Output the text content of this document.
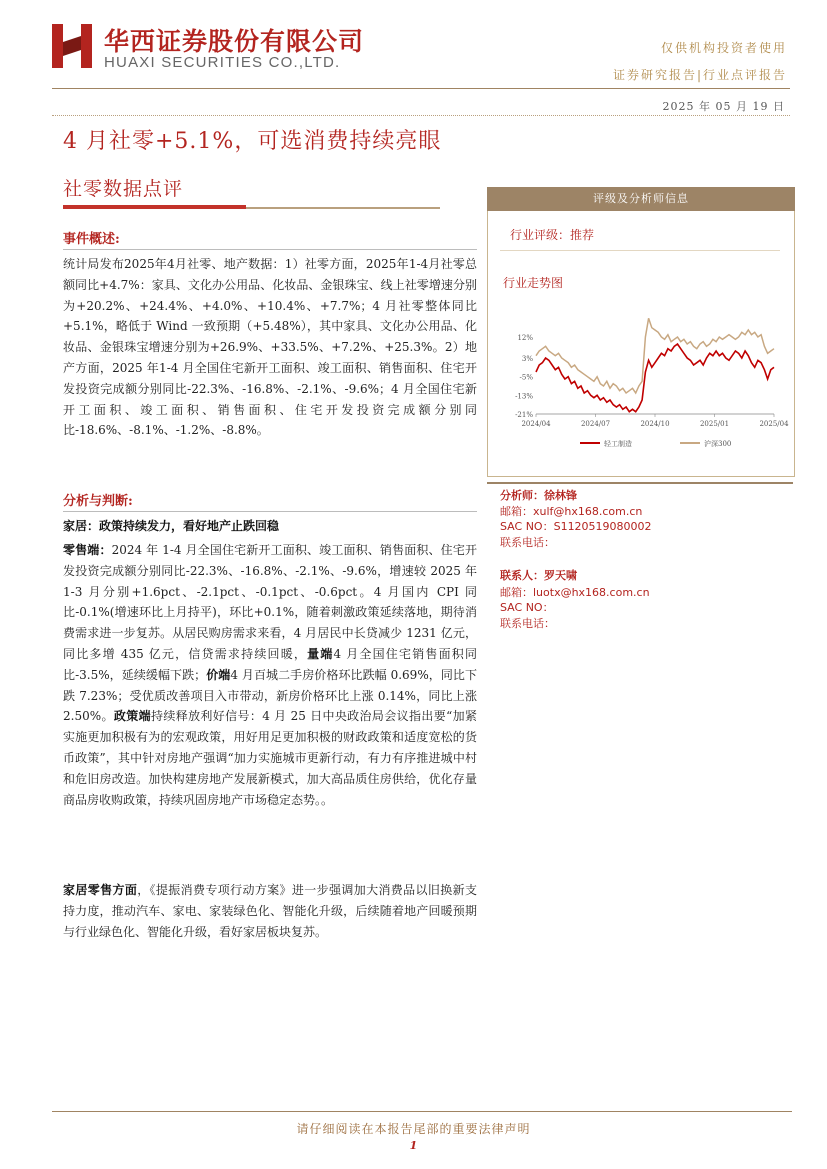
华西证券股份有限公司
HUAXI SECURITIES CO.,LTD.
仅供机构投资者使用
证券研究报告|行业点评报告
2025 年 05 月 19 日
4 月社零+5.1%，可选消费持续亮眼
社零数据点评
事件概述:
统计局发布2025年4月社零、地产数据：1）社零方面，2025年1-4月社零总额同比+4.7%：家具、文化办公用品、化妆品、金银珠宝、线上社零增速分别为+20.2%、+24.4%、+4.0%、+10.4%、+7.7%；4 月社零整体同比+5.1%，略低于 Wind 一致预期（+5.48%），其中家具、文化办公用品、化妆品、金银珠宝增速分别为+26.9%、+33.5%、+7.2%、+25.3%。2）地产方面，2025 年1-4 月全国住宅新开工面积、竣工面积、销售面积、住宅开发投资完成额分别同比-22.3%、-16.8%、-2.1%、-9.6%；4 月全国住宅新开工面积、竣工面积、销售面积、住宅开发投资完成额分别同比-18.6%、-8.1%、-1.2%、-8.8%。
分析与判断:
家居：政策持续发力，看好地产止跌回稳
零售端：2024 年 1-4 月全国住宅新开工面积、竣工面积、销售面积、住宅开发投资完成额分别同比-22.3%、-16.8%、-2.1%、-9.6%，增速较 2025 年 1-3 月分别+1.6pct、-2.1pct、-0.1pct、-0.6pct。4 月国内 CPI 同比-0.1%(增速环比上月持平)，环比+0.1%，随着刺激政策延续落地，期待消费需求进一步复苏。从居民购房需求来看，4 月居民中长贷减少 1231 亿元，同比多增 435 亿元，信贷需求持续回暖，量端4 月全国住宅销售面积同比-3.5%，延续缓幅下跌；价端4 月百城二手房价格环比跌幅 0.69%，同比下跌 7.23%；受优质改善项目入市带动，新房价格环比上涨 0.14%，同比上涨 2.50%。政策端持续释放利好信号：4 月 25 日中央政治局会议指出要“加紧实施更加积极有为的宏观政策，用好用足更加积极的财政政策和适度宽松的货币政策”，其中针对房地产强调“加力实施城市更新行动，有力有序推进城中村和危旧房改造。加快构建房地产发展新模式，加大高品质住房供给，优化存量商品房收购政策，持续巩固房地产市场稳定态势。。
家居零售方面，《提振消费专项行动方案》进一步强调加大消费品以旧换新支持力度，推动汽车、家电、家装绿色化、智能化升级，后续随着地产回暖预期与行业绿色化、智能化升级，看好家居板块复苏。
评级及分析师信息
行业评级：推荐
行业走势图
12%
3%
-5%
-13%
-21%
2024/04	2024/07	2024/10	2025/01	2025/04
轻工制造	沪深300
分析师：徐林锋
邮箱：xulf@hx168.com.cn
SAC NO：S1120519080002
联系电话：
联系人：罗天啸
邮箱：luotx@hx168.com.cn
SAC NO：
联系电话：
请仔细阅读在本报告尾部的重要法律声明
1
